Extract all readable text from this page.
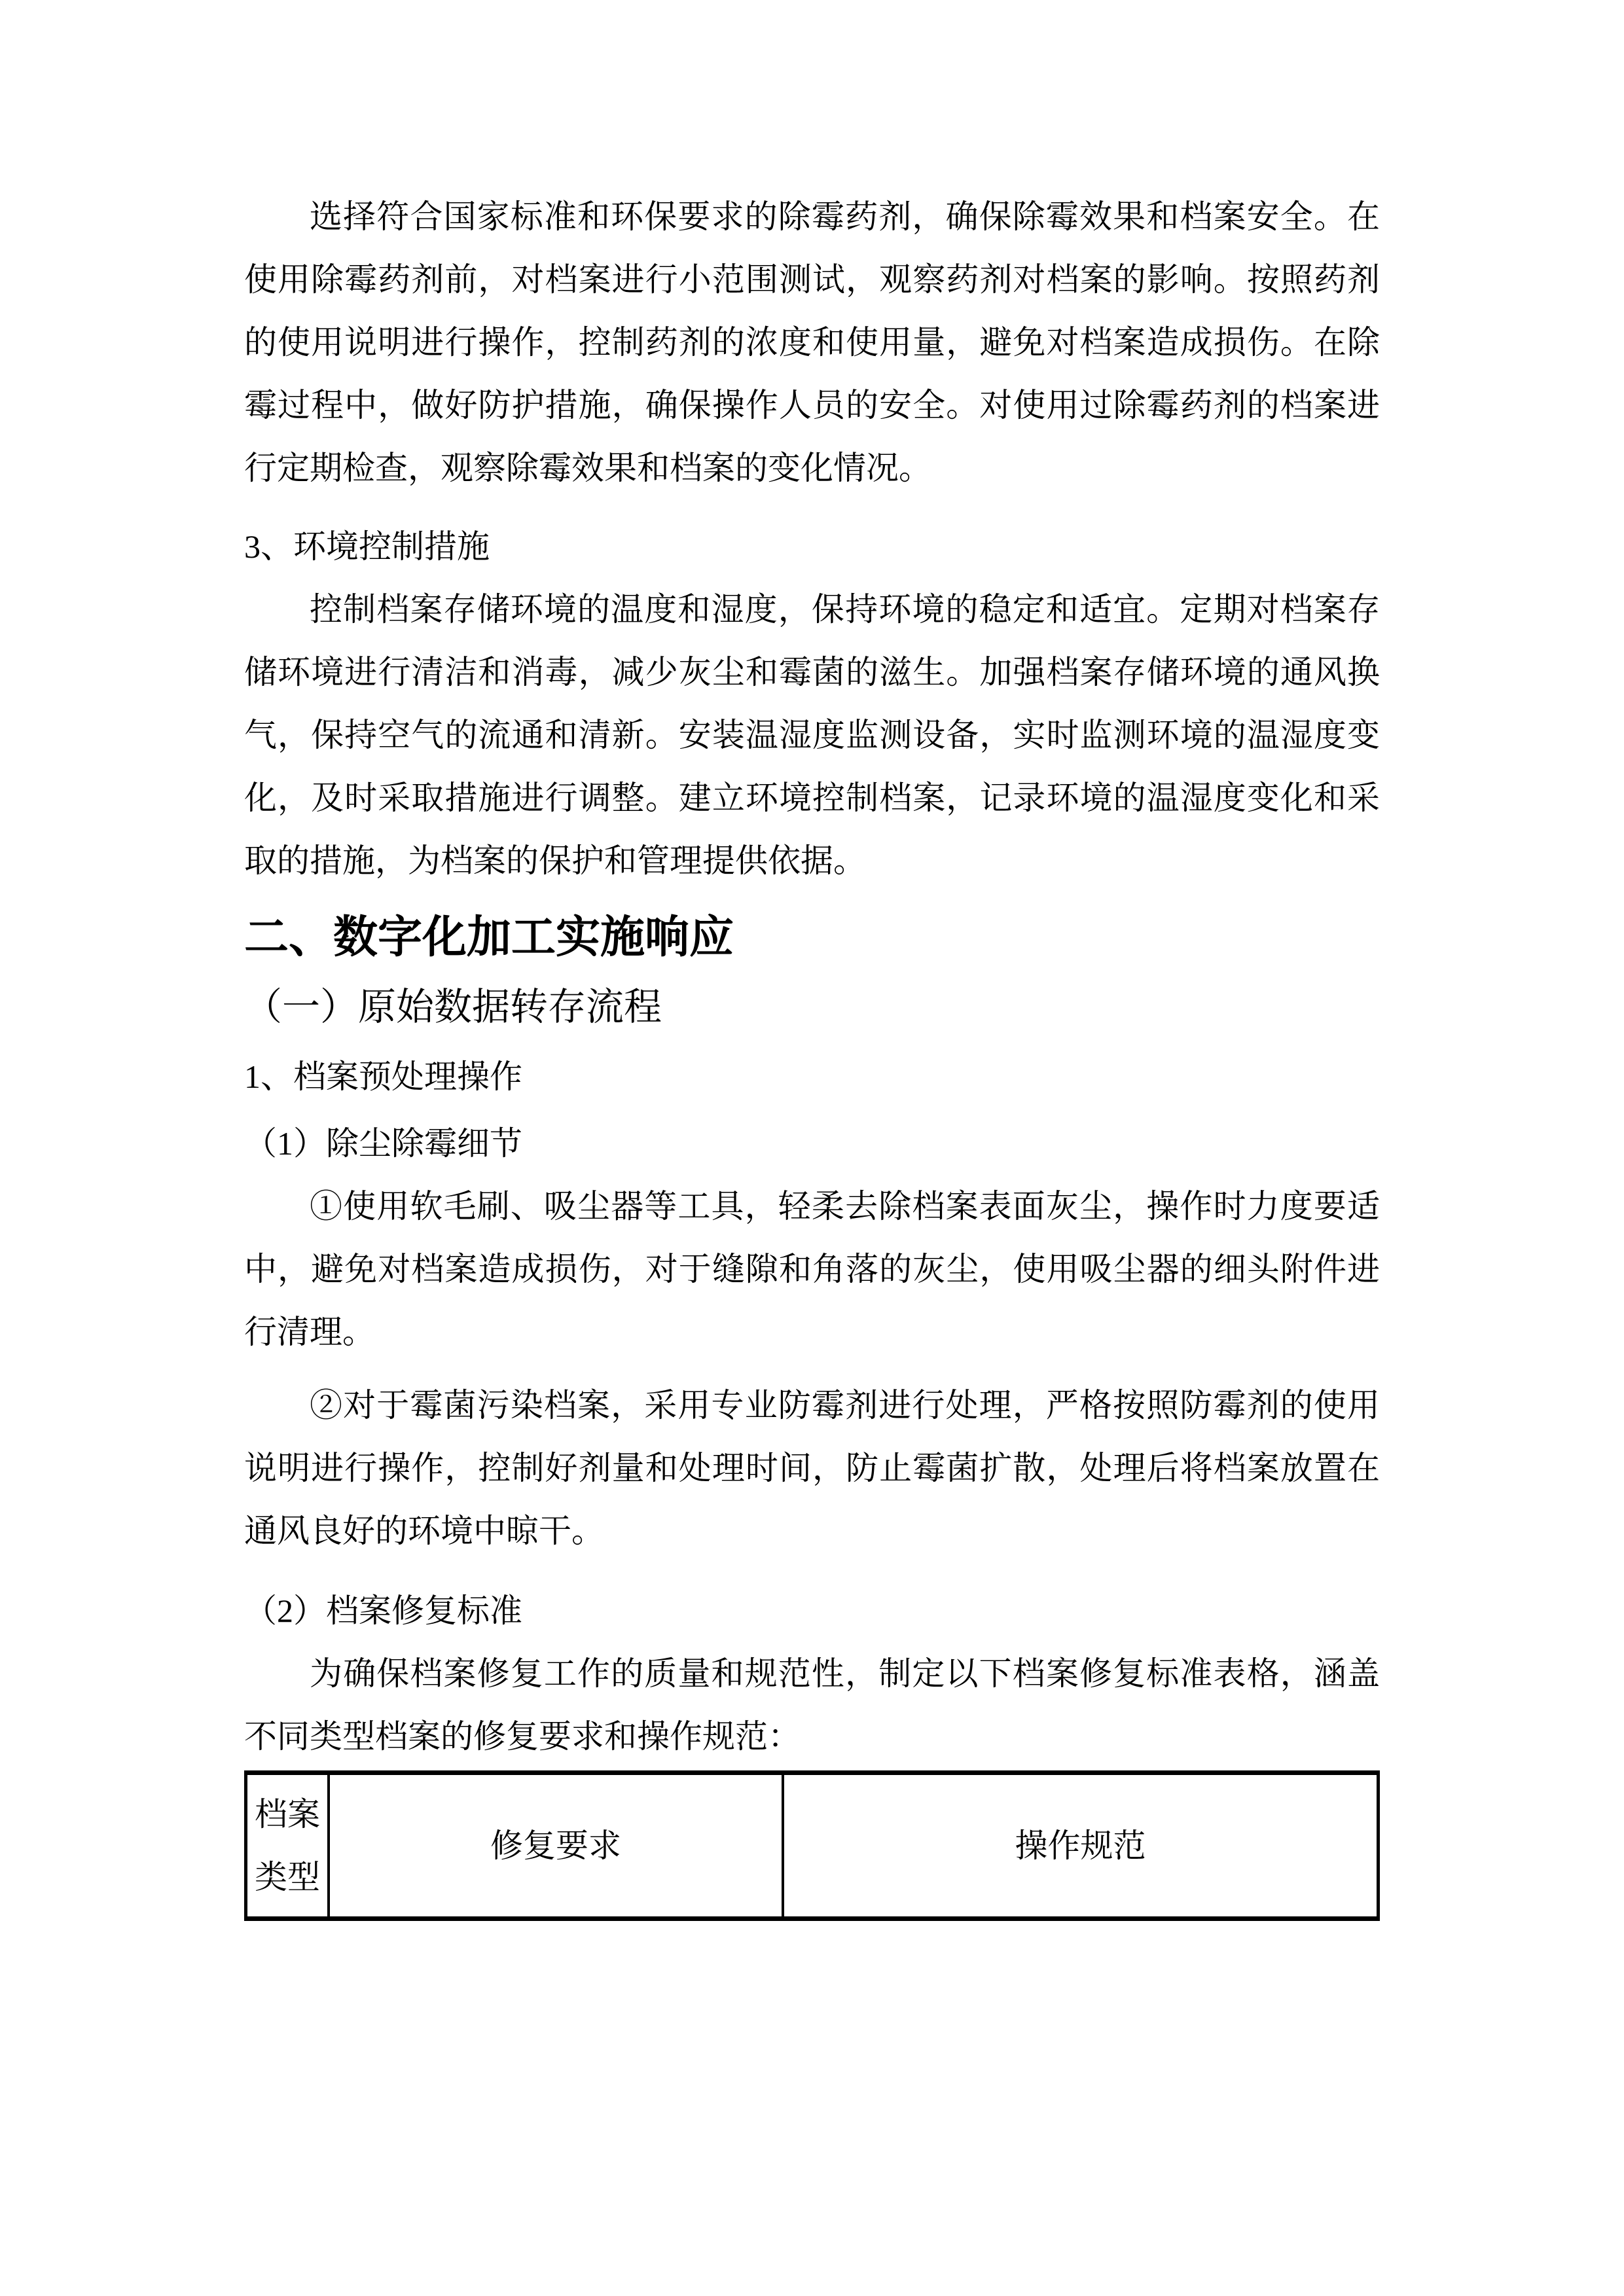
选择符合国家标准和环保要求的除霉药剂，确保除霉效果和档案安全。在使用除霉药剂前，对档案进行小范围测试，观察药剂对档案的影响。按照药剂的使用说明进行操作，控制药剂的浓度和使用量，避免对档案造成损伤。在除霉过程中，做好防护措施，确保操作人员的安全。对使用过除霉药剂的档案进行定期检查，观察除霉效果和档案的变化情况。

3、环境控制措施

控制档案存储环境的温度和湿度，保持环境的稳定和适宜。定期对档案存储环境进行清洁和消毒，减少灰尘和霉菌的滋生。加强档案存储环境的通风换气，保持空气的流通和清新。安装温湿度监测设备，实时监测环境的温湿度变化，及时采取措施进行调整。建立环境控制档案，记录环境的温湿度变化和采取的措施，为档案的保护和管理提供依据。

二、数字化加工实施响应
（一）原始数据转存流程

1、档案预处理操作

（1）除尘除霉细节

①使用软毛刷、吸尘器等工具，轻柔去除档案表面灰尘，操作时力度要适中，避免对档案造成损伤，对于缝隙和角落的灰尘，使用吸尘器的细头附件进行清理。

②对于霉菌污染档案，采用专业防霉剂进行处理，严格按照防霉剂的使用说明进行操作，控制好剂量和处理时间，防止霉菌扩散，处理后将档案放置在通风良好的环境中晾干。

（2）档案修复标准

为确保档案修复工作的质量和规范性，制定以下档案修复标准表格，涵盖不同类型档案的修复要求和操作规范：

档案类型
修复要求	操作规范
